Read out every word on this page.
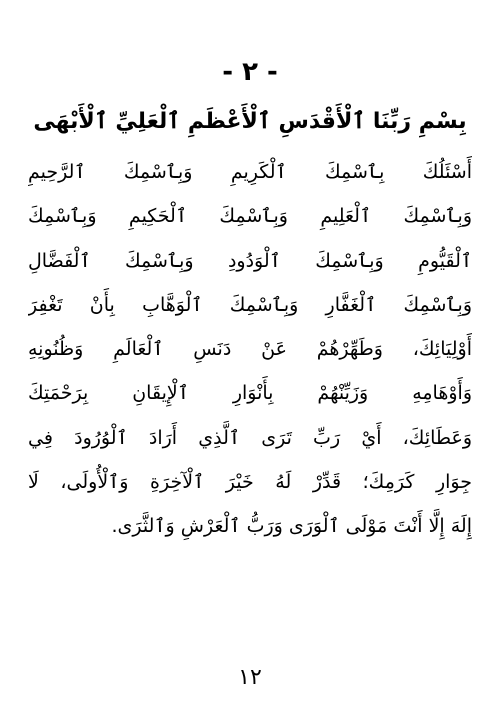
- ٢ -
بِسْمِ رَبِّنَا ٱلْأَقْدَسِ ٱلْأَعْظَمِ ٱلْعَلِيِّ ٱلْأَبْهَى
أَسْئَلُكَ بِٱسْمِكَ ٱلْكَرِيمِ وَبِٱسْمِكَ ٱلرَّحِيمِ
وَبِٱسْمِكَ ٱلْعَلِيمِ وَبِٱسْمِكَ ٱلْحَكِيمِ وَبِٱسْمِكَ
ٱلْقَيُّومِ وَبِٱسْمِكَ ٱلْوَدُودِ وَبِٱسْمِكَ ٱلْفَضَّالِ
وَبِٱسْمِكَ ٱلْغَفَّارِ وَبِٱسْمِكَ ٱلْوَهَّابِ بِأَنْ تَغْفِرَ
أَوْلِيَائِكَ، وَطَهِّرْهُمْ عَنْ دَنَسِ ٱلْعَالَمِ وَظُنُونِهِ
وَأَوْهَامِهِ وَزَيِّنْهُمْ بِأَنْوَارِ ٱلْإِيقَانِ بِرَحْمَتِكَ
وَعَطَائِكَ، أَيْ رَبِّ تَرَى ٱلَّذِي أَرَادَ ٱلْوُرُودَ فِي
جِوَارِ كَرَمِكَ؛ قَدِّرْ لَهُ خَيْرَ ٱلْآخِرَةِ وَٱلْأُولَى، لَا
إِلَهَ إِلَّا أَنْتَ مَوْلَى ٱلْوَرَى وَرَبُّ ٱلْعَرْشِ وَٱلثَّرَى.
١٢
